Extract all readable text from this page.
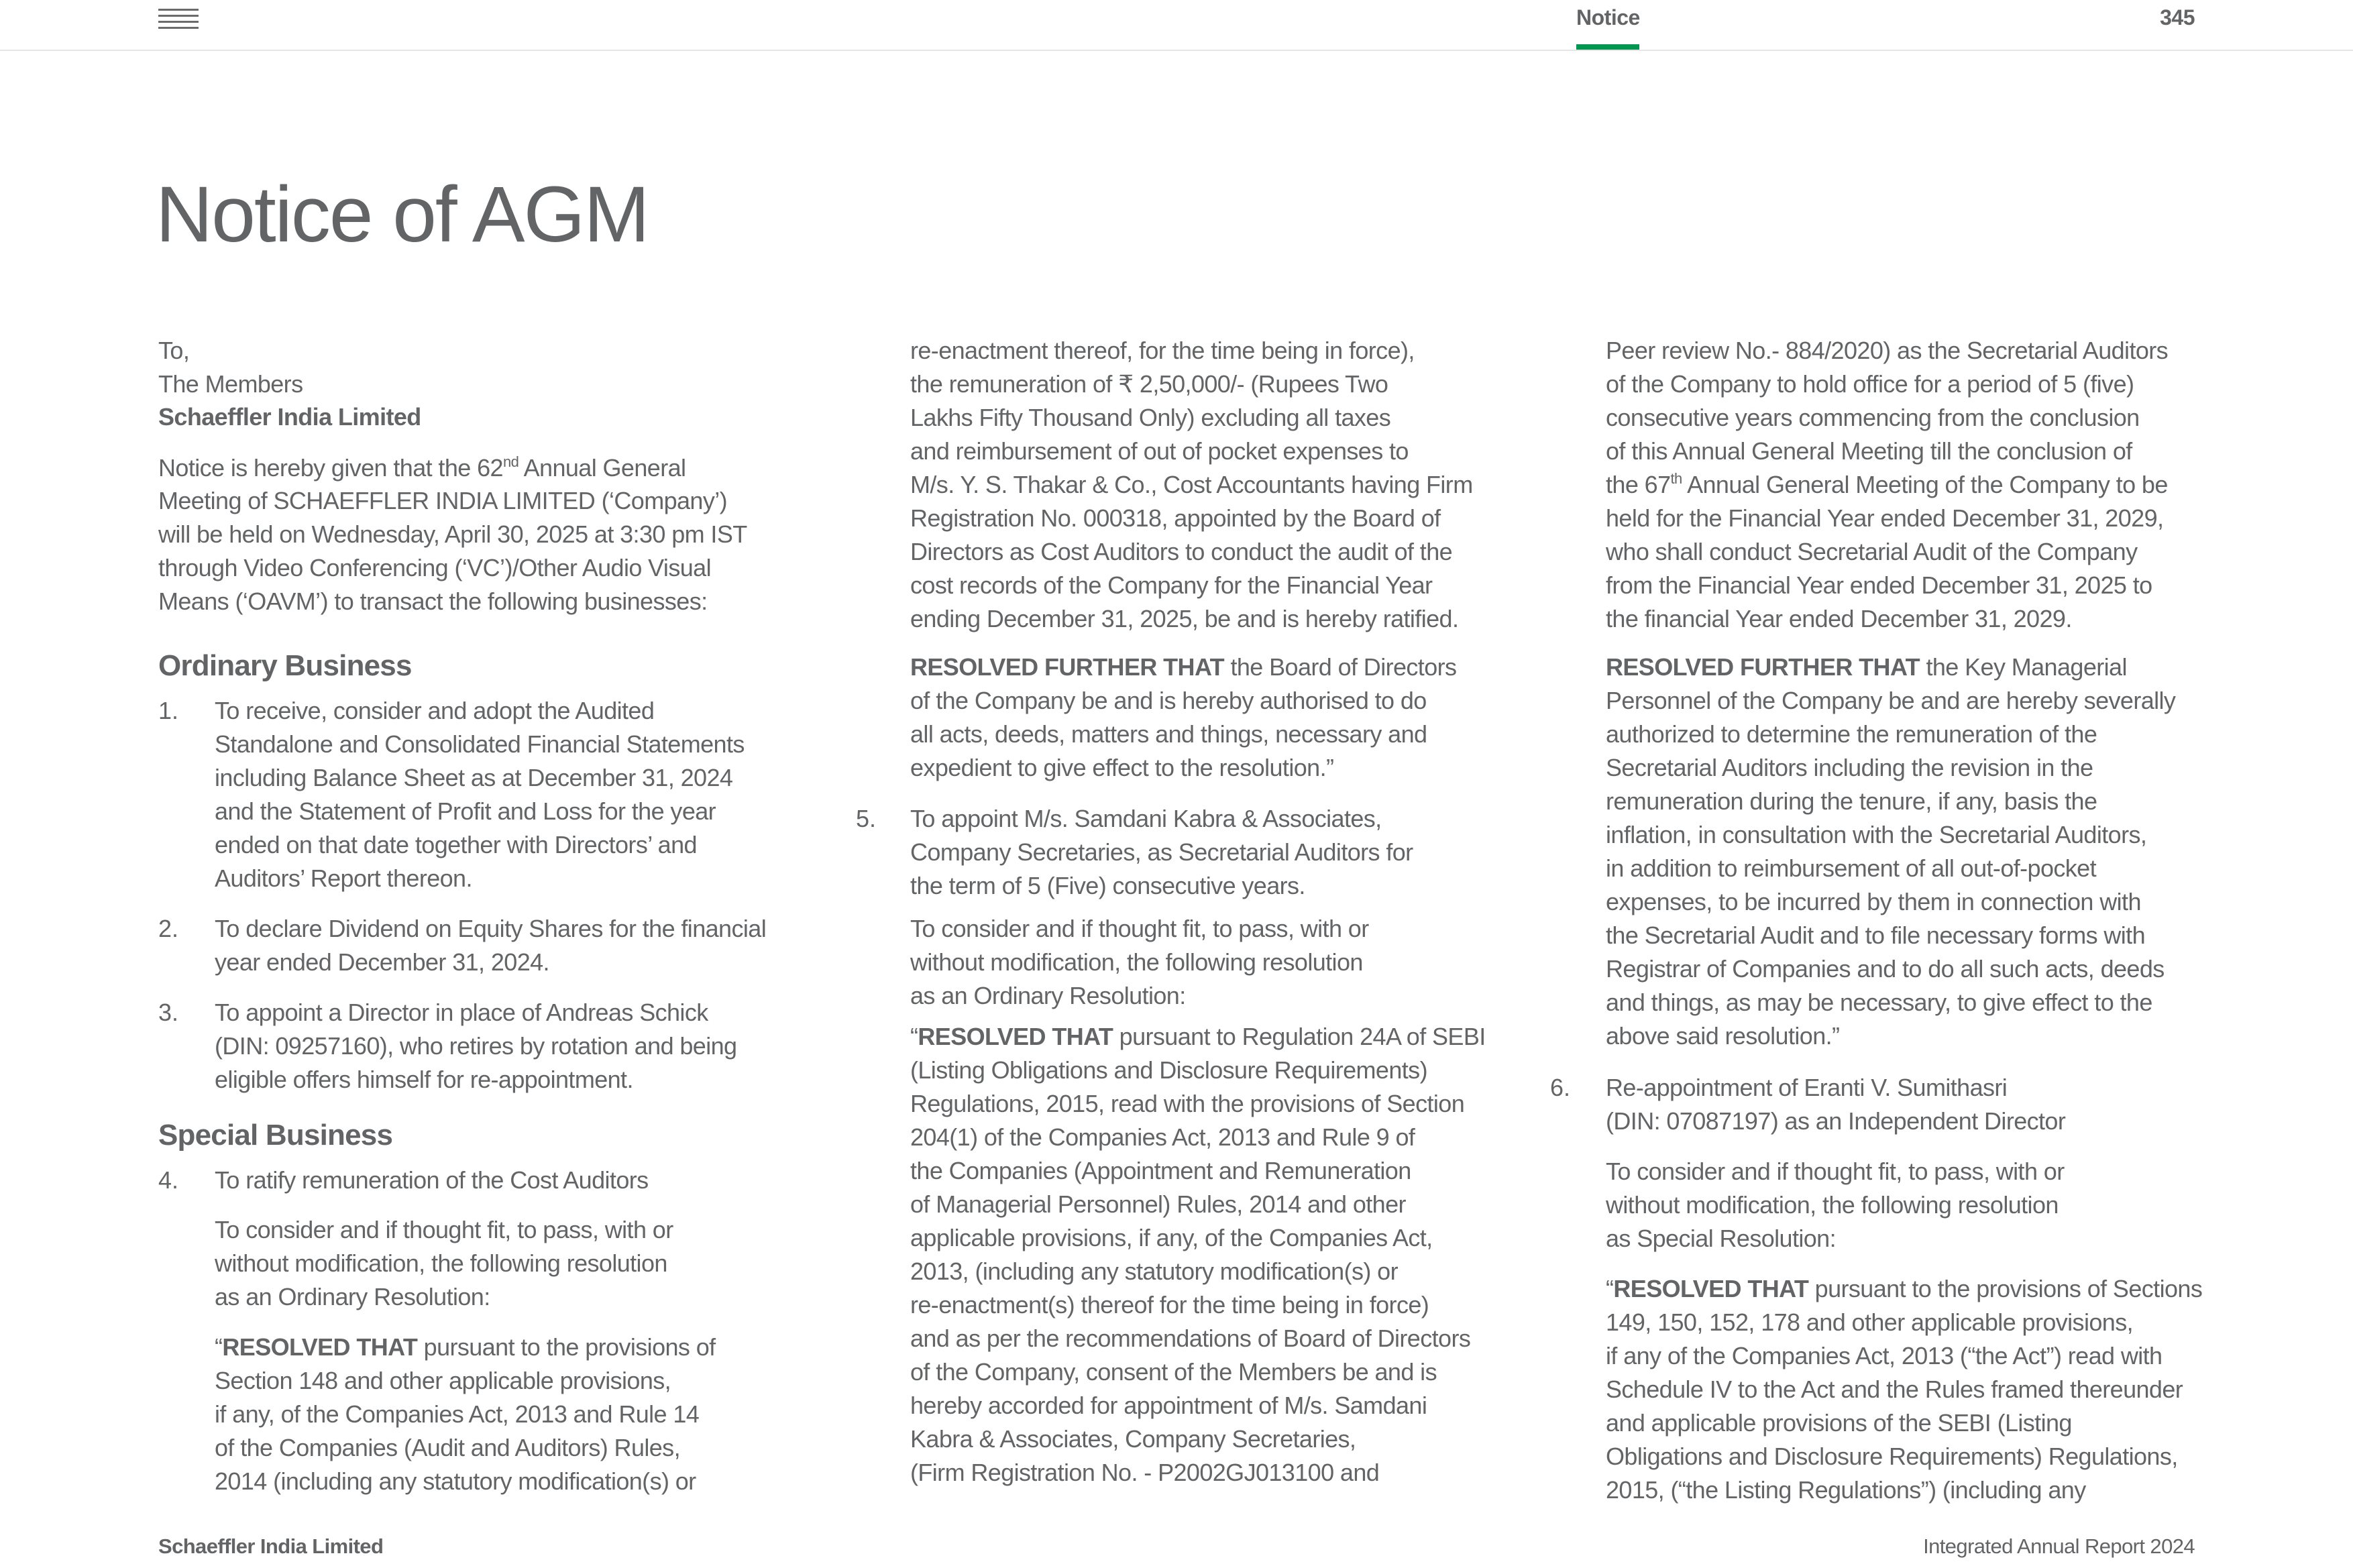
Notice	345
Notice of AGM
To,
The Members
Schaeffler India Limited
Notice is hereby given that the 62nd Annual General
Meeting of SCHAEFFLER INDIA LIMITED (‘Company’)
will be held on Wednesday, April 30, 2025 at 3:30 pm IST
through Video Conferencing (‘VC’)/Other Audio Visual
Means (‘OAVM’) to transact the following businesses:
Ordinary Business
1. To receive, consider and adopt the Audited
Standalone and Consolidated Financial Statements
including Balance Sheet as at December 31, 2024
and the Statement of Profit and Loss for the year
ended on that date together with Directors’ and
Auditors’ Report thereon.
2. To declare Dividend on Equity Shares for the financial
year ended December 31, 2024.
3. To appoint a Director in place of Andreas Schick
(DIN: 09257160), who retires by rotation and being
eligible offers himself for re-appointment.
Special Business
4. To ratify remuneration of the Cost Auditors
To consider and if thought fit, to pass, with or
without modification, the following resolution
as an Ordinary Resolution:
“RESOLVED THAT pursuant to the provisions of
Section 148 and other applicable provisions,
if any, of the Companies Act, 2013 and Rule 14
of the Companies (Audit and Auditors) Rules,
2014 (including any statutory modification(s) or
re-enactment thereof, for the time being in force),
the remuneration of ₹ 2,50,000/- (Rupees Two
Lakhs Fifty Thousand Only) excluding all taxes
and reimbursement of out of pocket expenses to
M/s. Y. S. Thakar & Co., Cost Accountants having Firm
Registration No. 000318, appointed by the Board of
Directors as Cost Auditors to conduct the audit of the
cost records of the Company for the Financial Year
ending December 31, 2025, be and is hereby ratified.
RESOLVED FURTHER THAT the Board of Directors
of the Company be and is hereby authorised to do
all acts, deeds, matters and things, necessary and
expedient to give effect to the resolution.”
5. To appoint M/s. Samdani Kabra & Associates,
Company Secretaries, as Secretarial Auditors for
the term of 5 (Five) consecutive years.
To consider and if thought fit, to pass, with or
without modification, the following resolution
as an Ordinary Resolution:
“RESOLVED THAT pursuant to Regulation 24A of SEBI
(Listing Obligations and Disclosure Requirements)
Regulations, 2015, read with the provisions of Section
204(1) of the Companies Act, 2013 and Rule 9 of
the Companies (Appointment and Remuneration
of Managerial Personnel) Rules, 2014 and other
applicable provisions, if any, of the Companies Act,
2013, (including any statutory modification(s) or
re-enactment(s) thereof for the time being in force)
and as per the recommendations of Board of Directors
of the Company, consent of the Members be and is
hereby accorded for appointment of M/s. Samdani
Kabra & Associates, Company Secretaries,
(Firm Registration No. - P2002GJ013100 and
Peer review No.- 884/2020) as the Secretarial Auditors
of the Company to hold office for a period of 5 (five)
consecutive years commencing from the conclusion
of this Annual General Meeting till the conclusion of
the 67th Annual General Meeting of the Company to be
held for the Financial Year ended December 31, 2029,
who shall conduct Secretarial Audit of the Company
from the Financial Year ended December 31, 2025 to
the financial Year ended December 31, 2029.
RESOLVED FURTHER THAT the Key Managerial
Personnel of the Company be and are hereby severally
authorized to determine the remuneration of the
Secretarial Auditors including the revision in the
remuneration during the tenure, if any, basis the
inflation, in consultation with the Secretarial Auditors,
in addition to reimbursement of all out-of-pocket
expenses, to be incurred by them in connection with
the Secretarial Audit and to file necessary forms with
Registrar of Companies and to do all such acts, deeds
and things, as may be necessary, to give effect to the
above said resolution.”
6. Re-appointment of Eranti V. Sumithasri
(DIN: 07087197) as an Independent Director
To consider and if thought fit, to pass, with or
without modification, the following resolution
as Special Resolution:
“RESOLVED THAT pursuant to the provisions of Sections
149, 150, 152, 178 and other applicable provisions,
if any of the Companies Act, 2013 (“the Act”) read with
Schedule IV to the Act and the Rules framed thereunder
and applicable provisions of the SEBI (Listing
Obligations and Disclosure Requirements) Regulations,
2015, (“the Listing Regulations”) (including any
Schaeffler India Limited	Integrated Annual Report 2024
